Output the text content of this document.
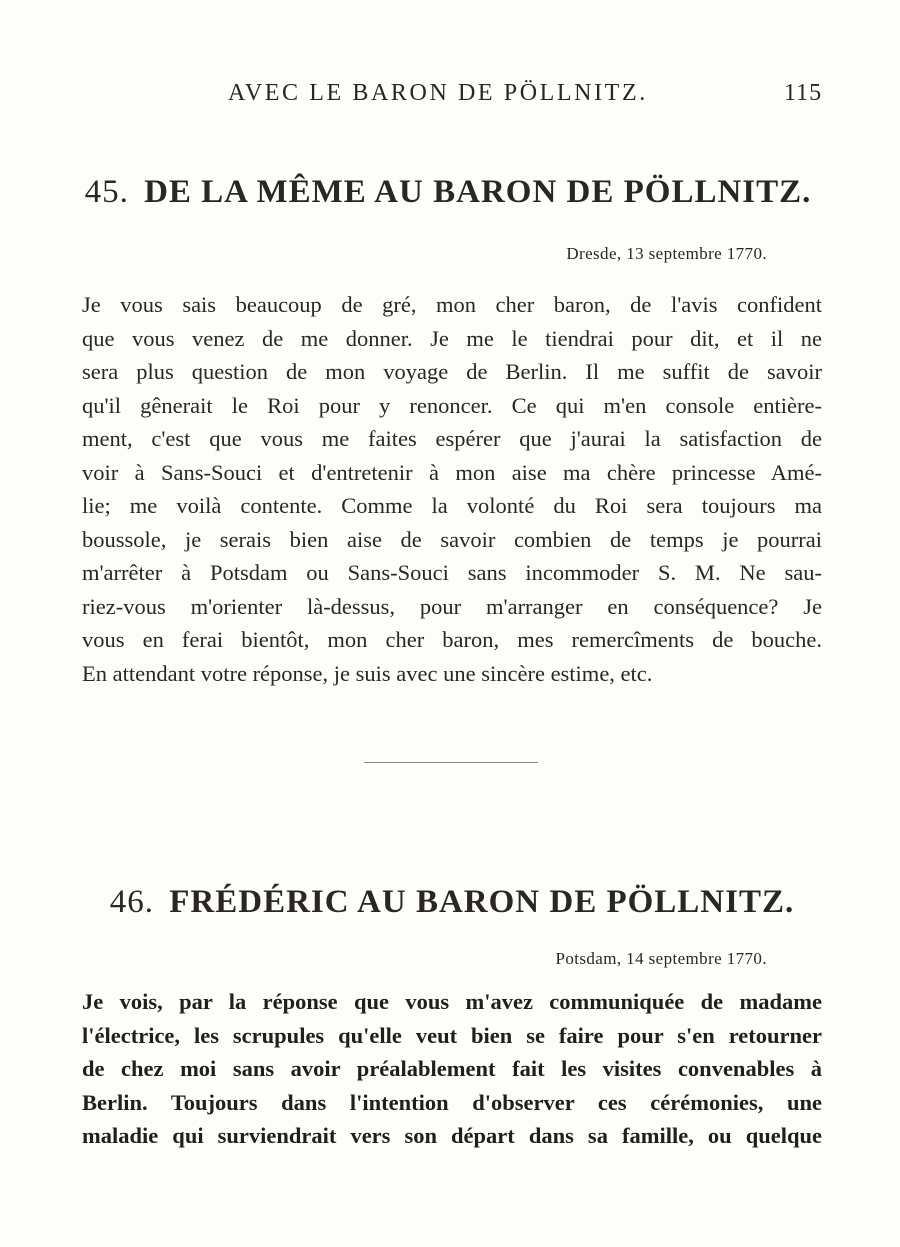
AVEC LE BARON DE PÖLLNITZ.	115
45. DE LA MÊME AU BARON DE PÖLLNITZ.
Dresde, 13 septembre 1770.
Je vous sais beaucoup de gré, mon cher baron, de l'avis confident
que vous venez de me donner. Je me le tiendrai pour dit, et il ne
sera plus question de mon voyage de Berlin. Il me suffit de savoir
qu'il gênerait le Roi pour y renoncer. Ce qui m'en console entière-
ment, c'est que vous me faites espérer que j'aurai la satisfaction de
voir à Sans-Souci et d'entretenir à mon aise ma chère princesse Amé-
lie; me voilà contente. Comme la volonté du Roi sera toujours ma
boussole, je serais bien aise de savoir combien de temps je pourrai
m'arrêter à Potsdam ou Sans-Souci sans incommoder S. M. Ne sau-
riez-vous m'orienter là-dessus, pour m'arranger en conséquence? Je
vous en ferai bientôt, mon cher baron, mes remercîments de bouche.
En attendant votre réponse, je suis avec une sincère estime, etc.
46. FRÉDÉRIC AU BARON DE PÖLLNITZ.
Potsdam, 14 septembre 1770.
Je vois, par la réponse que vous m'avez communiquée de madame
l'électrice, les scrupules qu'elle veut bien se faire pour s'en retourner
de chez moi sans avoir préalablement fait les visites convenables à
Berlin. Toujours dans l'intention d'observer ces cérémonies, une
maladie qui surviendrait vers son départ dans sa famille, ou quelque
